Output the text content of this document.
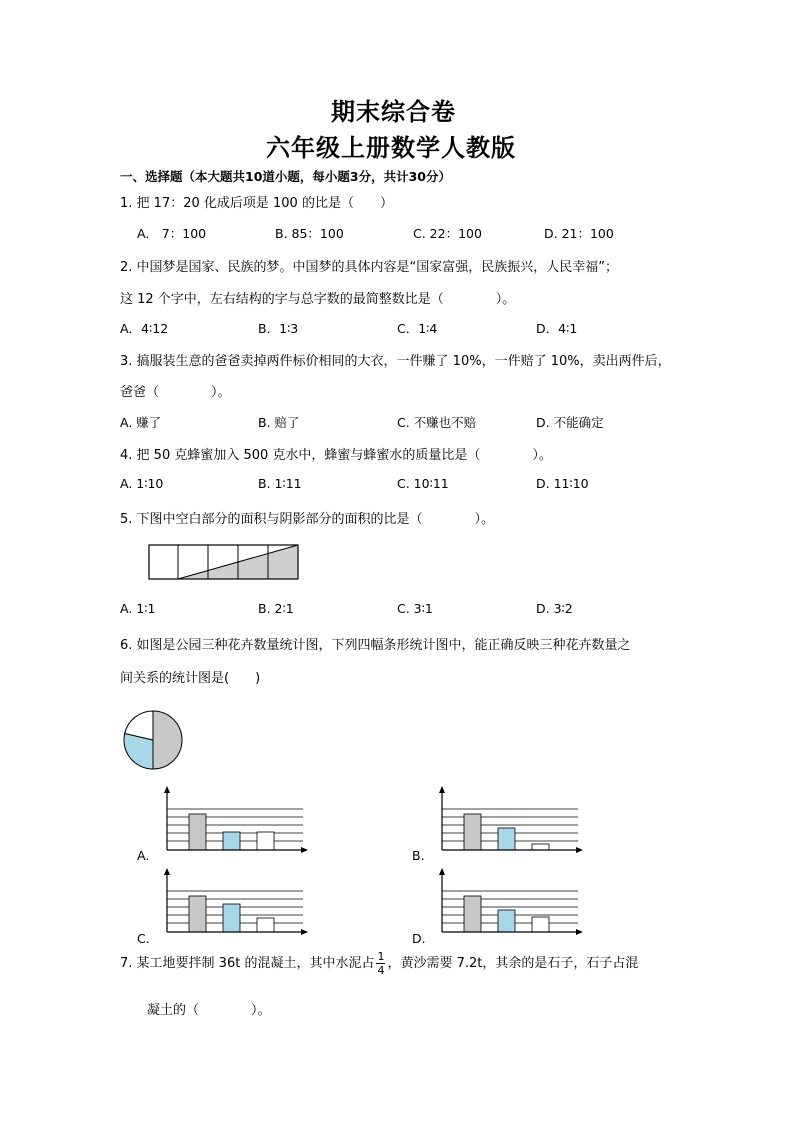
期末综合卷
六年级上册数学人教版
一、选择题（本大题共10道小题，每小题3分，共计30分）
1. 把 17：20 化成后项是 100 的比是（　　）
A.　7：100	B. 85：100	C. 22：100	D. 21：100
2. 中国梦是国家、民族的梦。中国梦的具体内容是“国家富强，民族振兴，人民幸福”；
这 12 个字中，左右结构的字与总字数的最简整数比是（　　　　）。
A．4∶12	B．1∶3	C．1∶4	D．4∶1
3. 搞服装生意的爸爸卖掉两件标价相同的大衣，一件赚了 10%，一件赔了 10%，卖出两件后，
爸爸（　　　　）。
A. 赚了	B. 赔了	C. 不赚也不赔	D. 不能确定
4. 把 50 克蜂蜜加入 500 克水中，蜂蜜与蜂蜜水的质量比是（　　　　）。
A. 1∶10	B. 1∶11	C. 10∶11	D. 11∶10
5. 下图中空白部分的面积与阴影部分的面积的比是（　　　　）。
A. 1∶1	B. 2∶1	C. 3∶1	D. 3∶2
6. 如图是公园三种花卉数量统计图，下列四幅条形统计图中，能正确反映三种花卉数量之
间关系的统计图是(　　)
A.	B.
C.	D.
7. 某工地要拌制 36t 的混凝土，其中水泥占 $\frac{1}{4}$ ，黄沙需要 7.2t，其余的是石子，石子占混
凝土的（　　　　）。
